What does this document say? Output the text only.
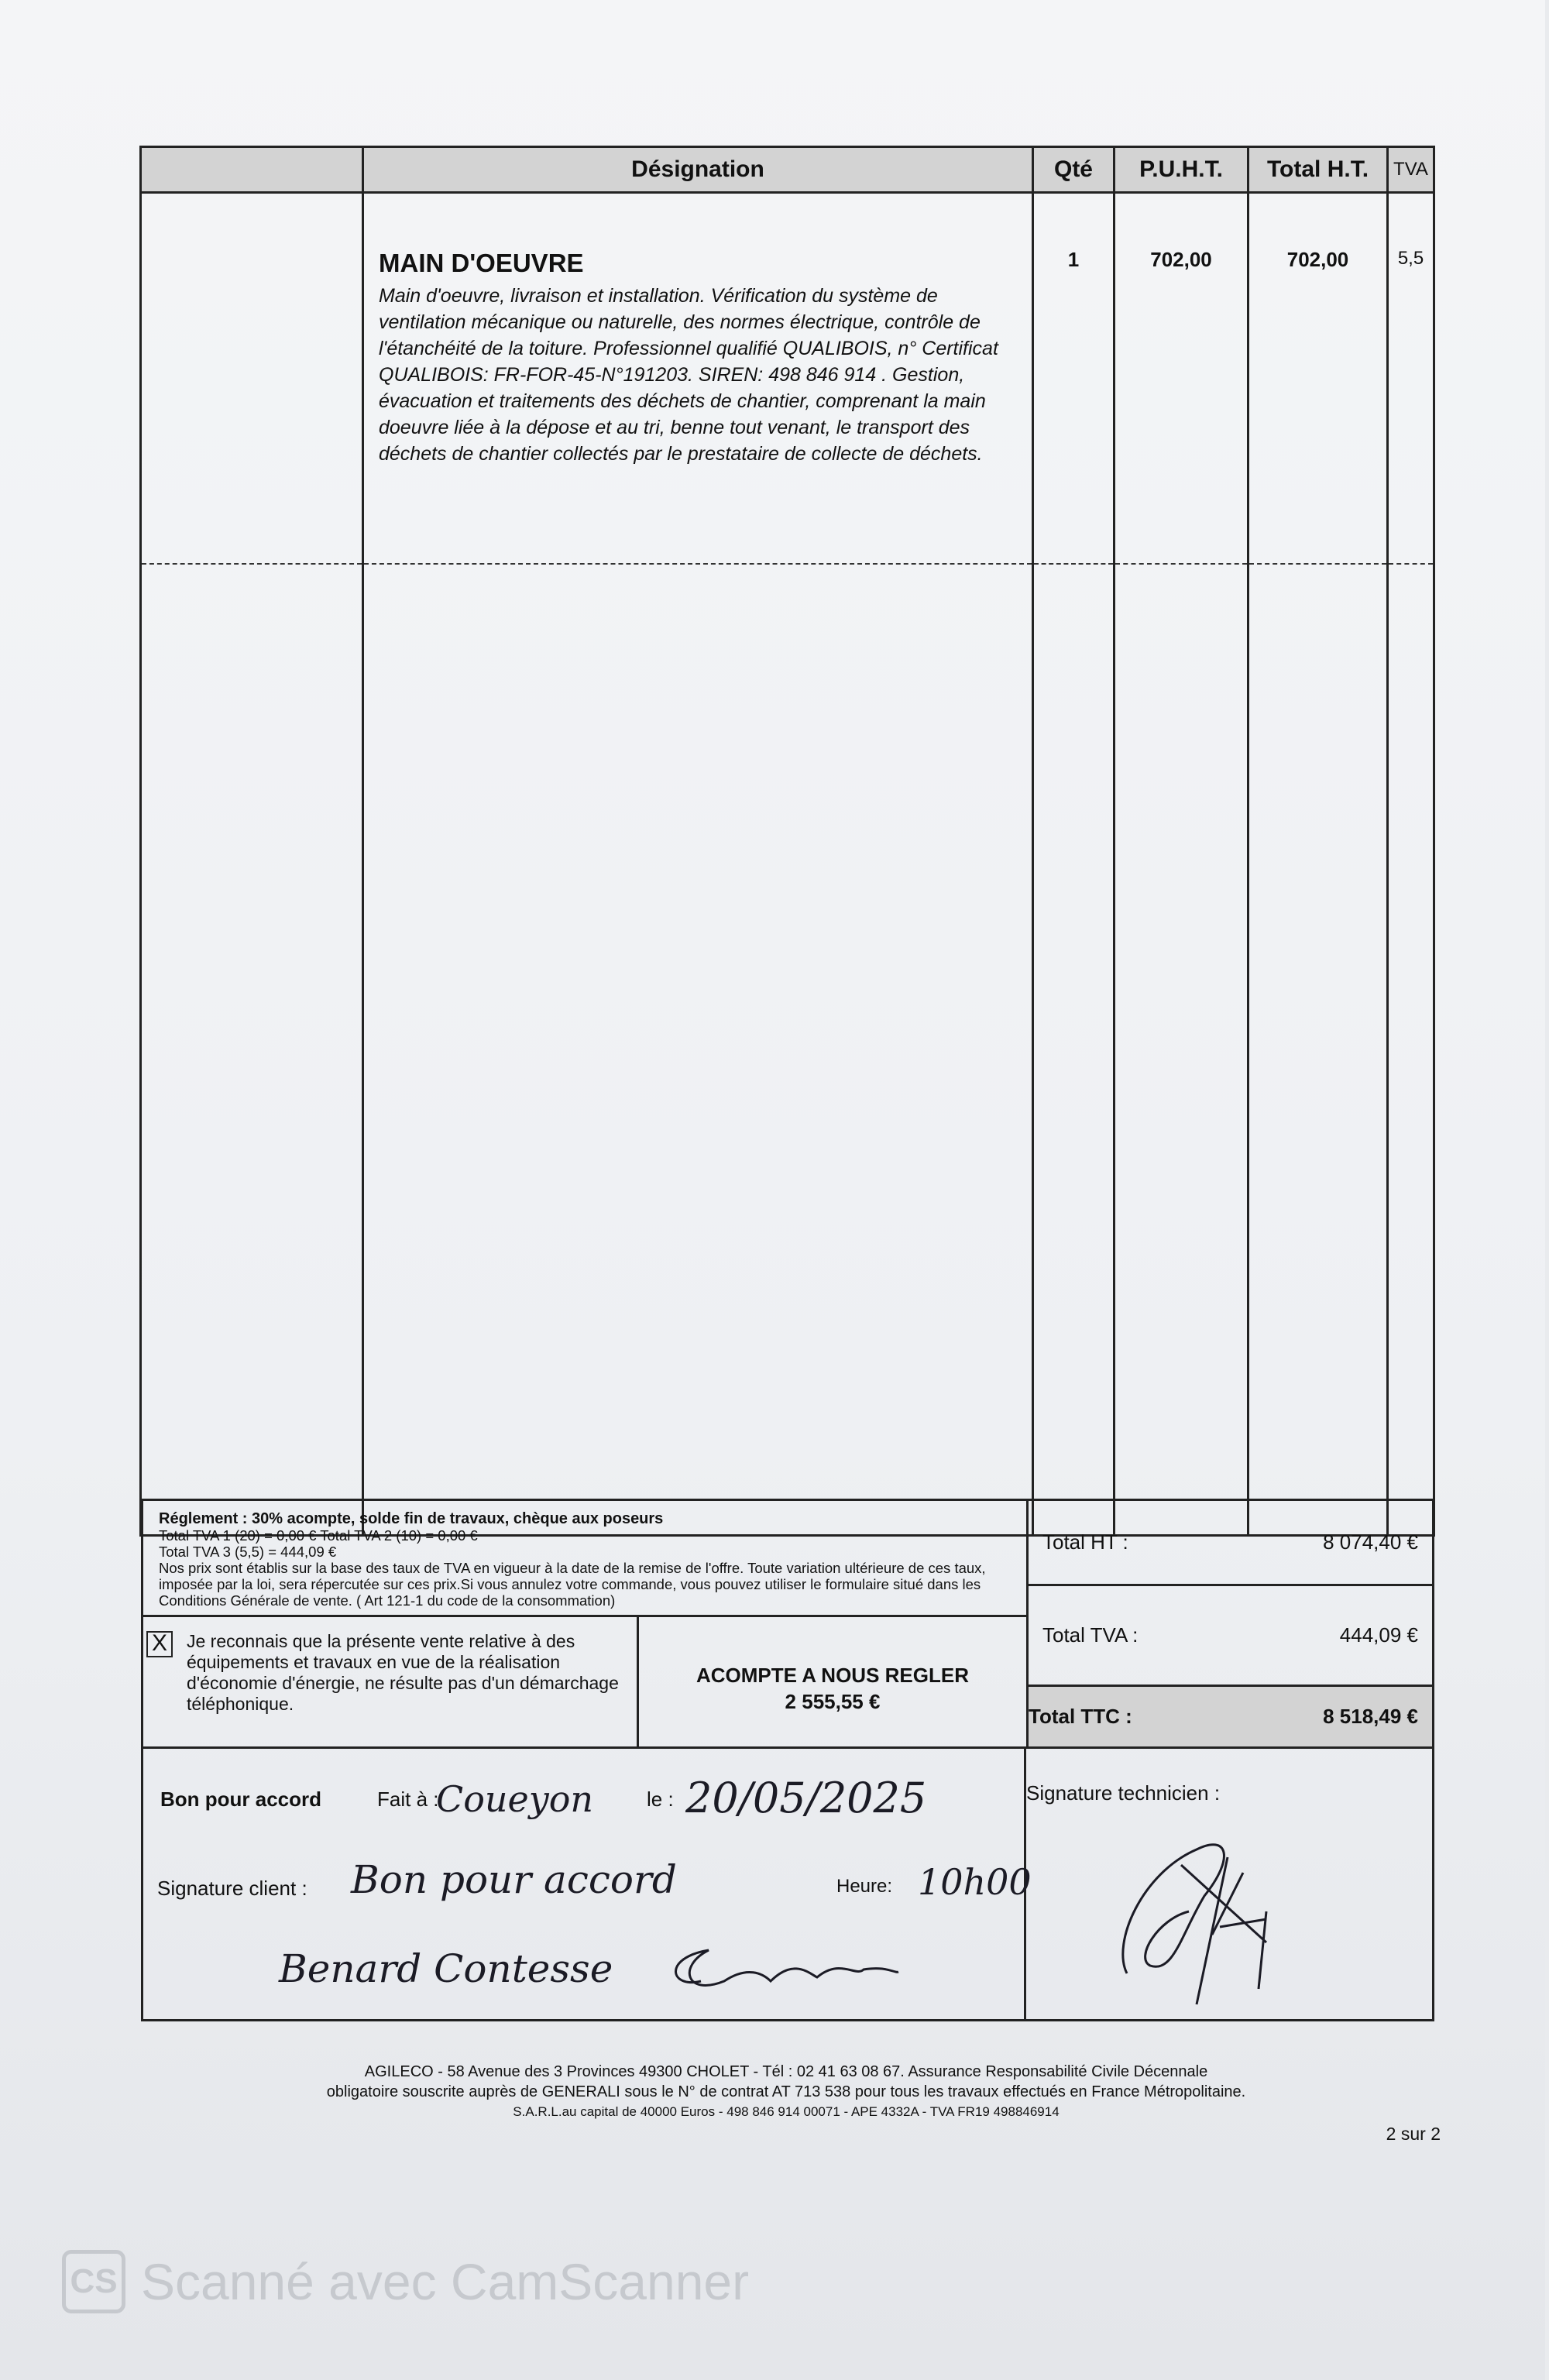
	Désignation	Qté	P.U.H.T.	Total H.T.	TVA

	MAIN D'OEUVRE
Main d'oeuvre, livraison et installation. Vérification du système de ventilation mécanique ou naturelle, des normes électrique, contrôle de l'étanchéité de la toiture. Professionnel qualifié QUALIBOIS, n° Certificat QUALIBOIS: FR-FOR-45-N°191203. SIREN: 498 846 914 . Gestion, évacuation et traitements des déchets de chantier, comprenant la main doeuvre liée à la dépose et au tri, benne tout venant, le transport des déchets de chantier collectés par le prestataire de collecte de déchets.	1	702,00	702,00	5,5

Réglement : 30% acompte, solde fin de travaux, chèque aux poseurs
Total TVA 1 (20) = 0,00 € Total TVA 2 (10) = 0,00 €
Total TVA 3 (5,5) = 444,09 €
Nos prix sont établis sur la base des taux de TVA en vigueur à la date de la remise de l'offre. Toute variation ultérieure de ces taux, imposée par la loi, sera répercutée sur ces prix.Si vous annulez votre commande, vous pouvez utiliser le formulaire situé dans les Conditions Générale de vente. ( Art 121-1 du code de la consommation)
X	Je reconnais que la présente vente relative à des équipements et travaux en vue de la réalisation d'économie d'énergie, ne résulte pas d'un démarchage téléphonique.
ACOMPTE A NOUS REGLER
2 555,55 €
Total HT :	8 074,40 €
Total TVA :	444,09 €
Total TTC :	8 518,49 €
Bon pour accord	Fait à :
Coueyon	le : 20/05/2025
Signature client : Bon pour accord	Heure: 10h00
Benard Contesse
Signature technicien :
AGILECO - 58 Avenue des 3 Provinces 49300 CHOLET - Tél : 02 41 63 08 67. Assurance Responsabilité Civile Décennale
obligatoire souscrite auprès de GENERALI sous le N° de contrat AT 713 538 pour tous les travaux effectués en France Métropolitaine.
S.A.R.L.au capital de 40000 Euros - 498 846 914 00071 - APE 4332A - TVA FR19 498846914
2 sur 2
CS Scanné avec CamScanner
